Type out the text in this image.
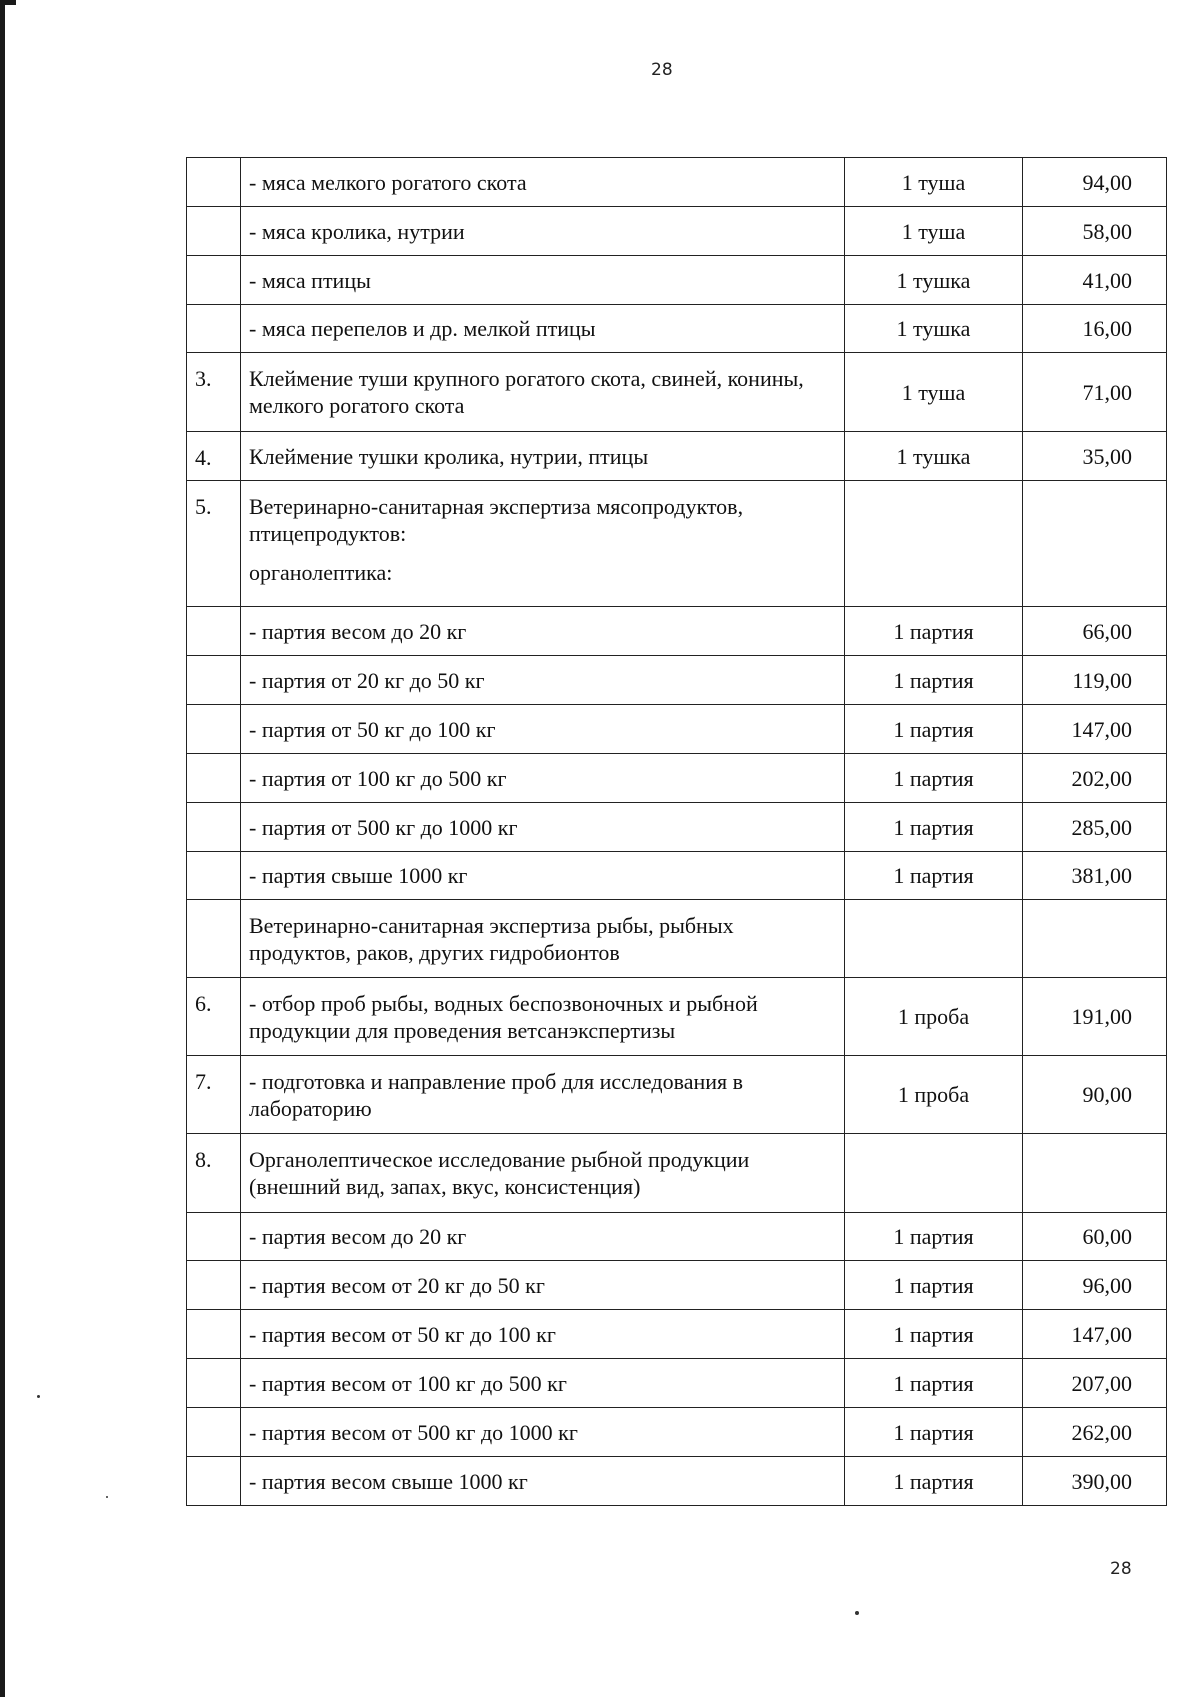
28
	- мяса мелкого рогатого скота	1 туша	94,00
	- мяса кролика, нутрии	1 туша	58,00
	- мяса птицы	1 тушка	41,00
	- мяса перепелов и др. мелкой птицы	1 тушка	16,00
3.	Клеймение туши крупного рогатого скота, свиней, конины, мелкого рогатого скота	1 туша	71,00
4.	Клеймение тушки кролика, нутрии, птицы	1 тушка	35,00
5.	Ветеринарно-санитарная экспертиза мясопродуктов, птицепродуктов:
органолептика:		

	- партия весом до 20 кг	1 партия	66,00
	- партия от 20 кг до 50 кг	1 партия	119,00
	- партия от 50 кг до 100 кг	1 партия	147,00
	- партия от 100 кг до 500 кг	1 партия	202,00
	- партия от 500 кг до 1000 кг	1 партия	285,00
	- партия свыше 1000 кг	1 партия	381,00
	Ветеринарно-санитарная экспертиза рыбы, рыбных продуктов, раков, других гидробионтов		
6.	- отбор проб рыбы, водных беспозвоночных и рыбной продукции для проведения ветсанэкспертизы	1 проба	191,00
7.	- подготовка и направление проб для исследования в лабораторию	1 проба	90,00
8.	Органолептическое исследование рыбной продукции (внешний вид, запах, вкус, консистенция)		
	- партия весом до 20 кг	1 партия	60,00
	- партия весом от 20 кг до 50 кг	1 партия	96,00
	- партия весом от 50 кг до 100 кг	1 партия	147,00
	- партия весом от 100 кг до 500 кг	1 партия	207,00
	- партия весом от 500 кг до 1000 кг	1 партия	262,00
	- партия весом свыше 1000 кг	1 партия	390,00
28
